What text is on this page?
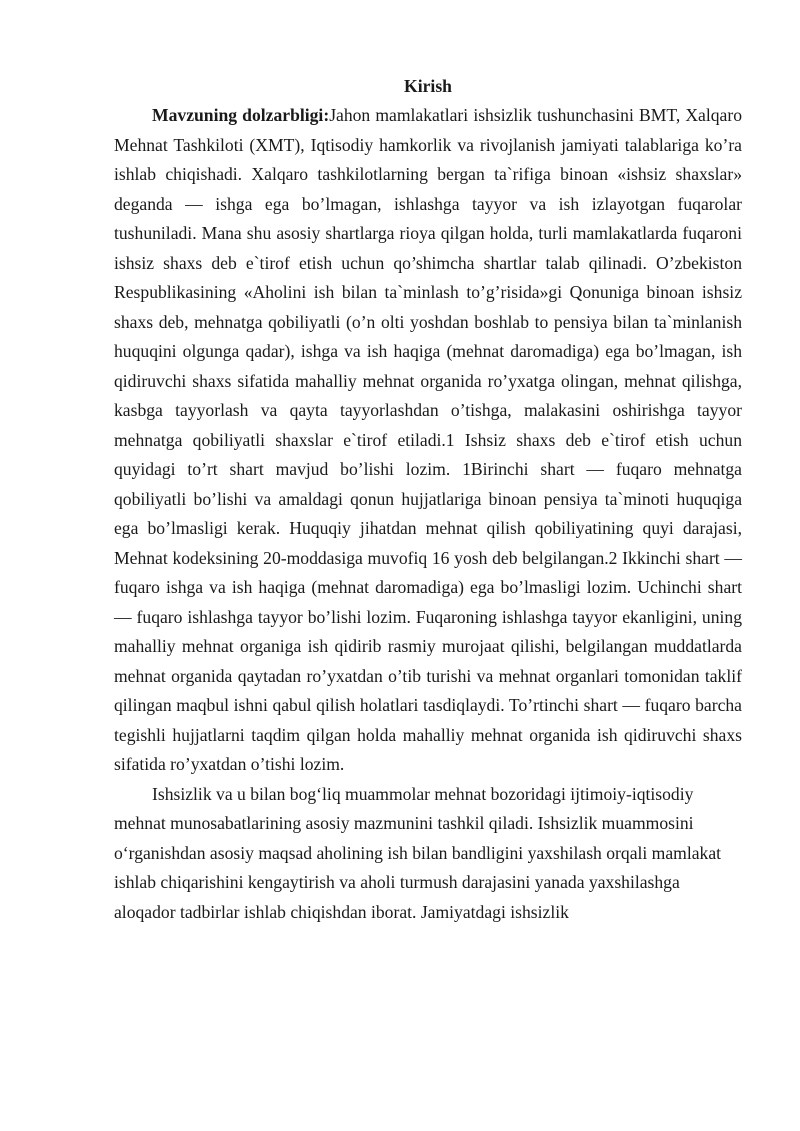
Kirish

Mavzuning dolzarbligi:Jahon mamlakatlari ishsizlik tushunchasini BMT, Xalqaro Mehnat Tashkiloti (XMT), Iqtisodiy hamkorlik va rivojlanish jamiyati talablariga ko’ra ishlab chiqishadi. Xalqaro tashkilotlarning bergan ta`rifiga binoan «ishsiz shaxslar» deganda — ishga ega bo’lmagan, ishlashga tayyor va ish izlayotgan fuqarolar tushuniladi. Mana shu asosiy shartlarga rioya qilgan holda, turli mamlakatlarda fuqaroni ishsiz shaxs deb e`tirof etish uchun qo’shimcha shartlar talab qilinadi. O’zbekiston Respublikasining «Aholini ish bilan ta`minlash to’g’risida»gi Qonuniga binoan ishsiz shaxs deb, mehnatga qobiliyatli (o’n olti yoshdan boshlab to pensiya bilan ta`minlanish huquqini olgunga qadar), ishga va ish haqiga (mehnat daromadiga) ega bo’lmagan, ish qidiruvchi shaxs sifatida mahalliy mehnat organida ro’yxatga olingan, mehnat qilishga, kasbga tayyorlash va qayta tayyorlashdan o’tishga, malakasini oshirishga tayyor mehnatga qobiliyatli shaxslar e`tirof etiladi.1 Ishsiz shaxs deb e`tirof etish uchun quyidagi to’rt shart mavjud bo’lishi lozim. 1Birinchi shart — fuqaro mehnatga qobiliyatli bo’lishi va amaldagi qonun hujjatlariga binoan pensiya ta`minoti huquqiga ega bo’lmasligi kerak. Huquqiy jihatdan mehnat qilish qobiliyatining quyi darajasi, Mehnat kodeksining 20-moddasiga muvofiq 16 yosh deb belgilangan.2 Ikkinchi shart — fuqaro ishga va ish haqiga (mehnat daromadiga) ega bo’lmasligi lozim. Uchinchi shart — fuqaro ishlashga tayyor bo’lishi lozim. Fuqaroning ishlashga tayyor ekanligini, uning mahalliy mehnat organiga ish qidirib rasmiy murojaat qilishi, belgilangan muddatlarda mehnat organida qaytadan ro’yxatdan o’tib turishi va mehnat organlari tomonidan taklif qilingan maqbul ishni qabul qilish holatlari tasdiqlaydi. To’rtinchi shart — fuqaro barcha tegishli hujjatlarni taqdim qilgan holda mahalliy mehnat organida ish qidiruvchi shaxs sifatida ro’yxatdan o’tishi lozim.

Ishsizlik va u bilan bog‘liq muammolar mehnat bozoridagi ijtimoiy-iqtisodiy mehnat munosabatlarining asosiy mazmunini tashkil qiladi. Ishsizlik muammosini o‘rganishdan asosiy maqsad aholining ish bilan bandligini yaxshilash orqali mamlakat ishlab chiqarishini kengaytirish va aholi turmush darajasini yanada yaxshilashga aloqador tadbirlar ishlab chiqishdan iborat. Jamiyatdagi ishsizlik
